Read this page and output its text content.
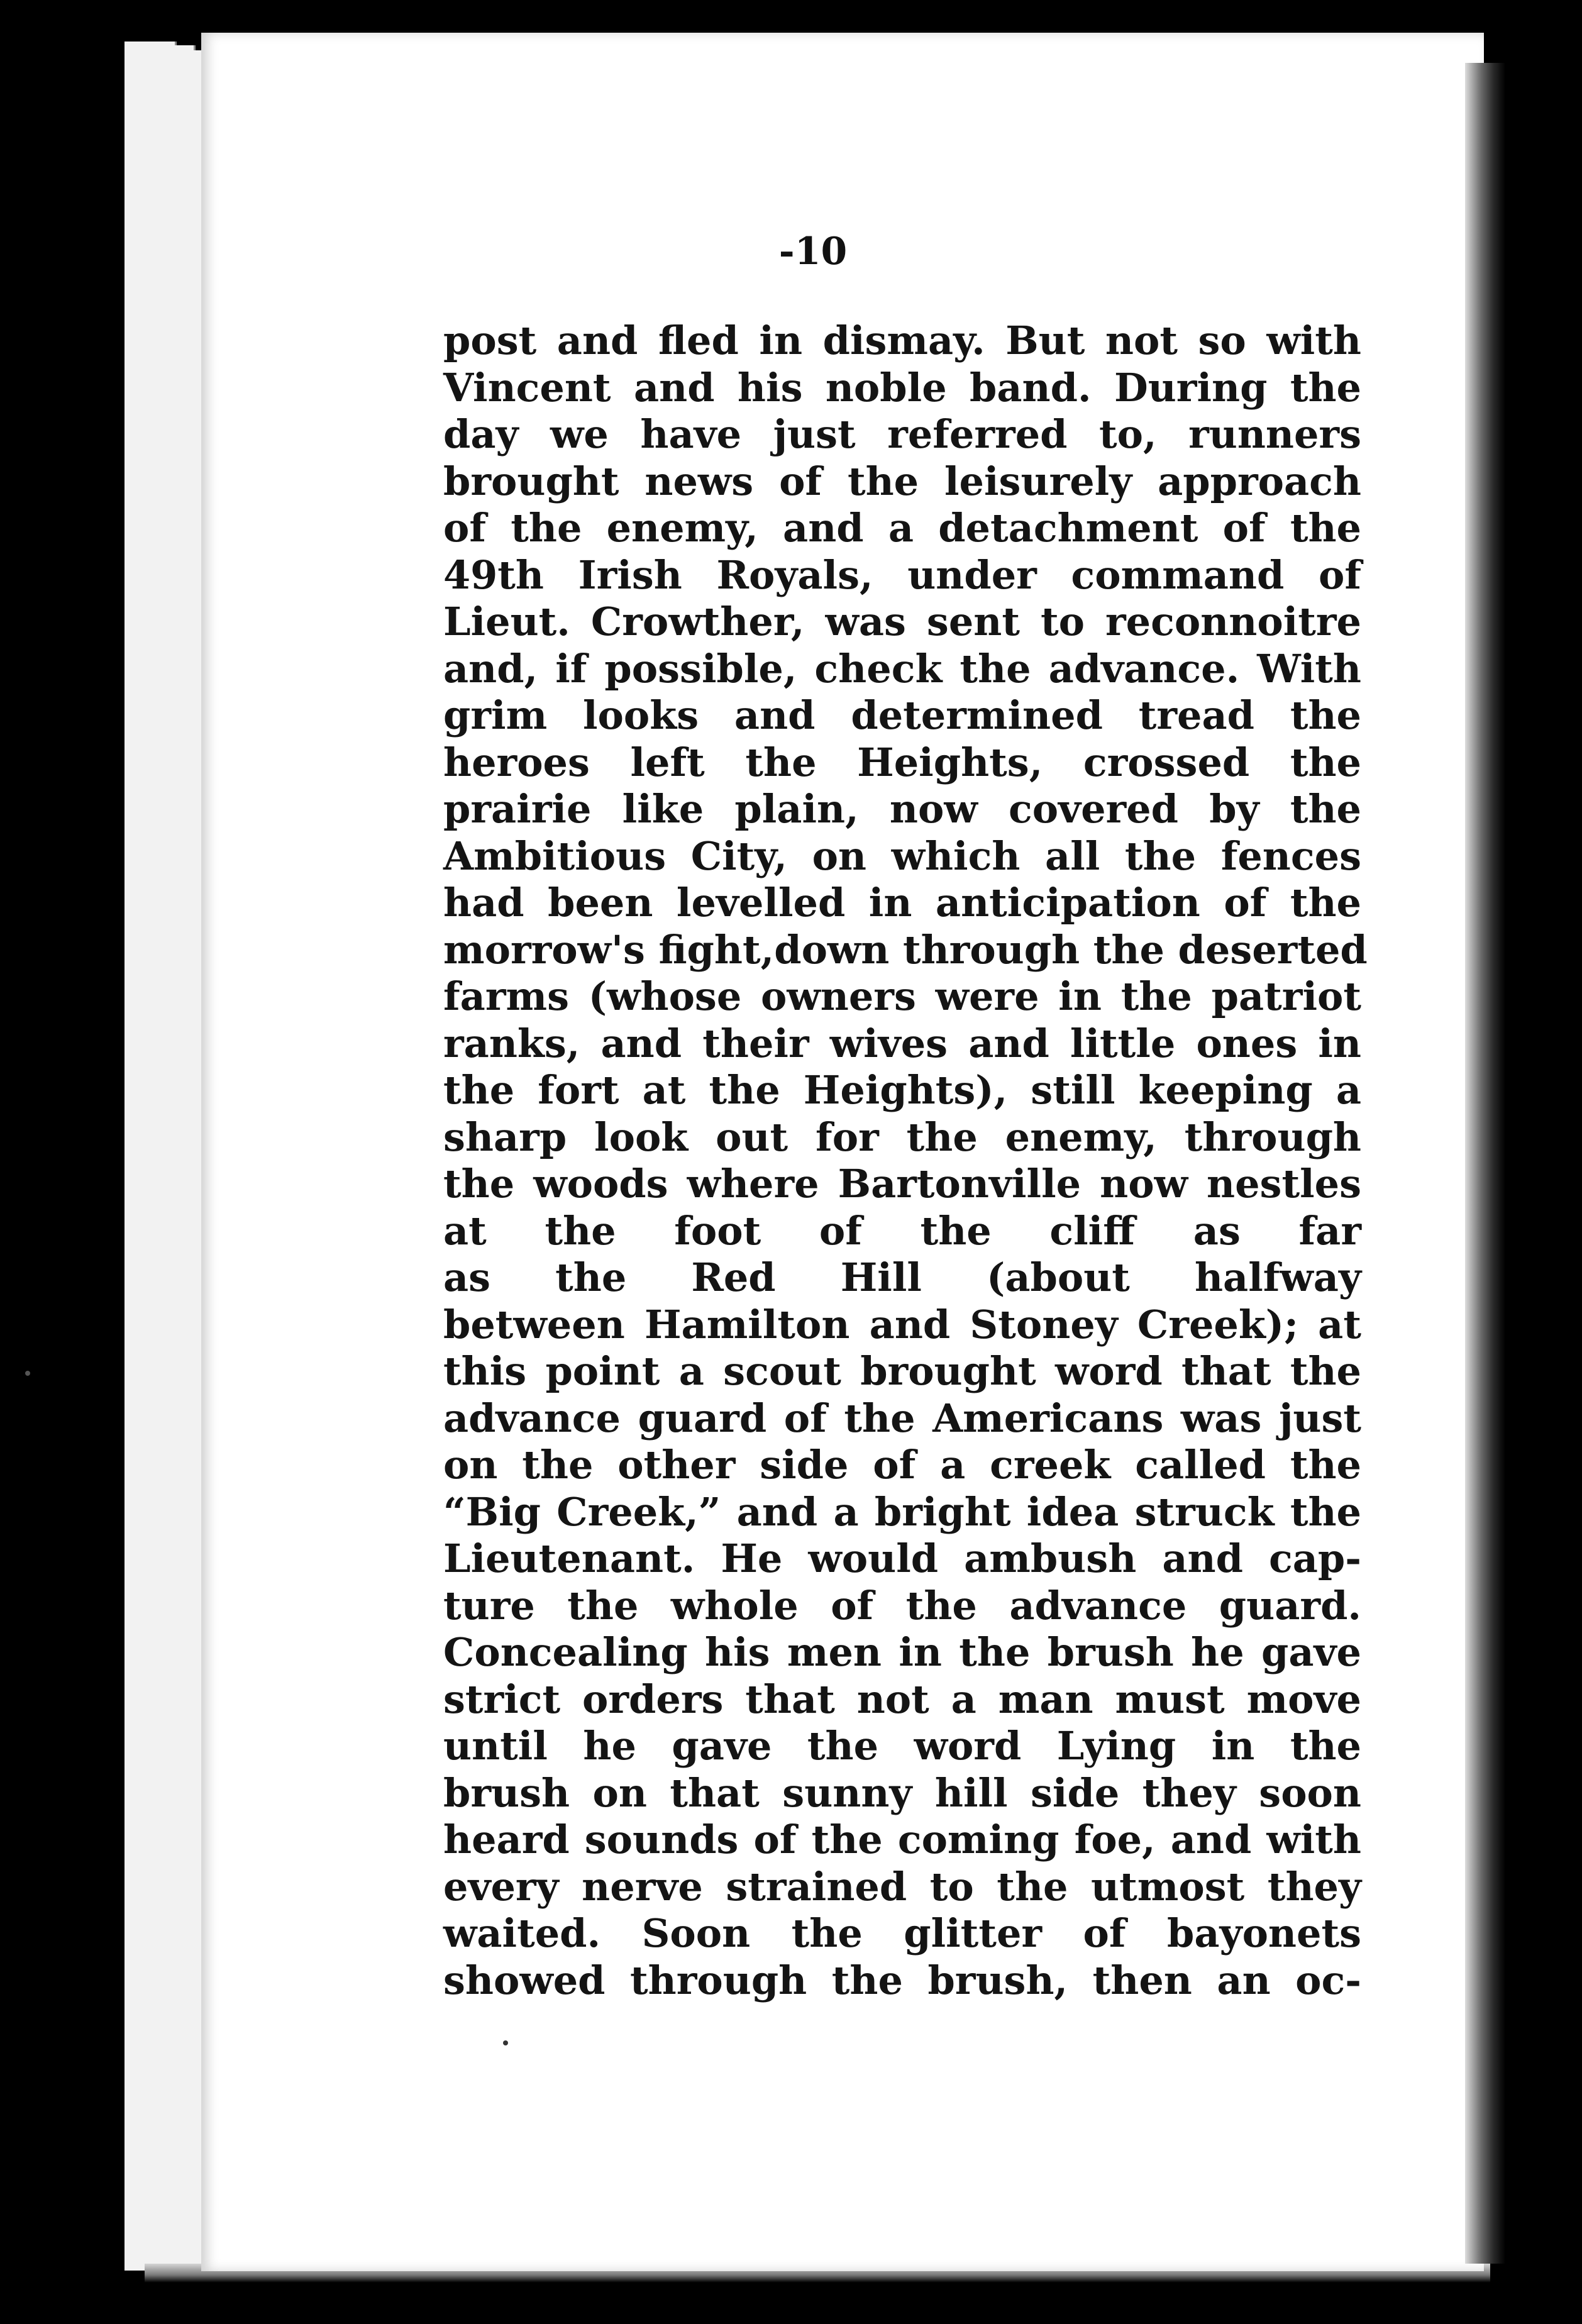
-10
post and fled in dismay. But not so with
Vincent and his noble band. During the
day we have just referred to, runners
brought news of the leisurely approach
of the enemy, and a detachment of the
49th Irish Royals, under command of
Lieut. Crowther, was sent to reconnoitre
and, if possible, check the advance. With
grim looks and determined tread the
heroes left the Heights, crossed the
prairie like plain, now covered by the
Ambitious City, on which all the fences
had been levelled in anticipation of the
morrow's fight,down through the deserted
farms (whose owners were in the patriot
ranks, and their wives and little ones in
the fort at the Heights), still keeping a
sharp look out for the enemy, through
the woods where Bartonville now nestles
at the foot of the cliff as far
as the Red Hill (about halfway
between Hamilton and Stoney Creek); at
this point a scout brought word that the
advance guard of the Americans was just
on the other side of a creek called the
“Big Creek,” and a bright idea struck the
Lieutenant. He would ambush and cap-
ture the whole of the advance guard.
Concealing his men in the brush he gave
strict orders that not a man must move
until he gave the word Lying in the
brush on that sunny hill side they soon
heard sounds of the coming foe, and with
every nerve strained to the utmost they
waited. Soon the glitter of bayonets
showed through the brush, then an oc-
